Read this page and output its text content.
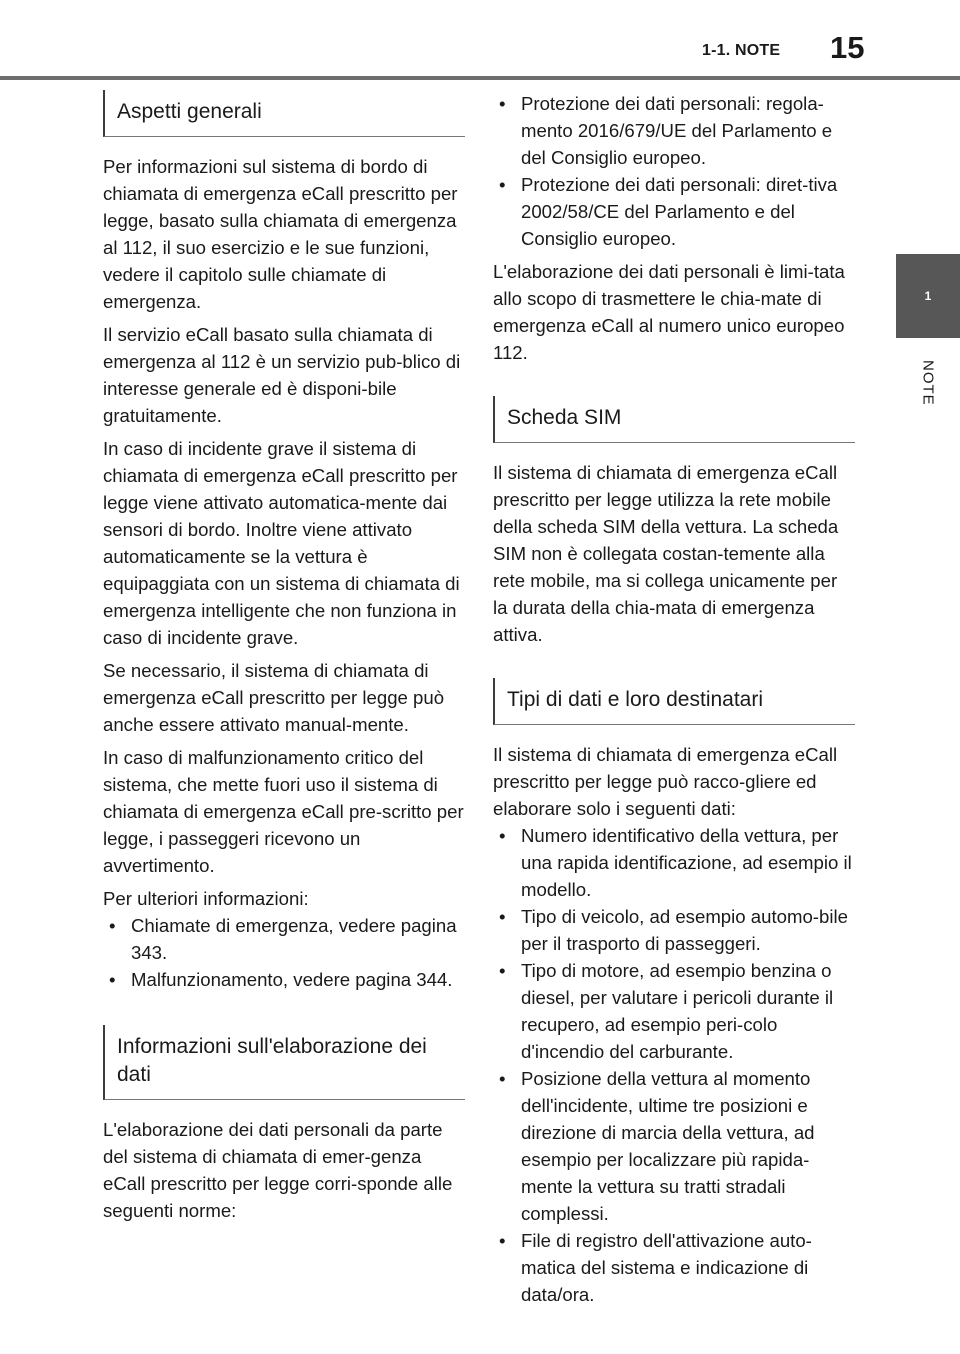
1-1. NOTE 15
1
NOTE
Aspetti generali

Per informazioni sul sistema di bordo di chiamata di emergenza eCall prescritto per legge, basato sulla chiamata di emergenza al 112, il suo esercizio e le sue funzioni, vedere il capitolo sulle chiamate di emergenza.

Il servizio eCall basato sulla chiamata di emergenza al 112 è un servizio pub-blico di interesse generale ed è disponi-bile gratuitamente.

In caso di incidente grave il sistema di chiamata di emergenza eCall prescritto per legge viene attivato automatica-mente dai sensori di bordo. Inoltre viene attivato automaticamente se la vettura è equipaggiata con un sistema di chiamata di emergenza intelligente che non funziona in caso di incidente grave.

Se necessario, il sistema di chiamata di emergenza eCall prescritto per legge può anche essere attivato manual-mente.

In caso di malfunzionamento critico del sistema, che mette fuori uso il sistema di chiamata di emergenza eCall pre-scritto per legge, i passeggeri ricevono un avvertimento.

Per ulteriori informazioni:

• Chiamate di emergenza, vedere pagina 343.
• Malfunzionamento, vedere pagina 344.
Informazioni sull'elaborazione dei dati

L'elaborazione dei dati personali da parte del sistema di chiamata di emer-genza eCall prescritto per legge corri-sponde alle seguenti norme:

• Protezione dei dati personali: regola-mento 2016/679/UE del Parlamento e del Consiglio europeo.
• Protezione dei dati personali: diret-tiva 2002/58/CE del Parlamento e del Consiglio europeo.

L'elaborazione dei dati personali è limi-tata allo scopo di trasmettere le chia-mate di emergenza eCall al numero unico europeo 112.

Scheda SIM

Il sistema di chiamata di emergenza eCall prescritto per legge utilizza la rete mobile della scheda SIM della vettura. La scheda SIM non è collegata costan-temente alla rete mobile, ma si collega unicamente per la durata della chia-mata di emergenza attiva.

Tipi di dati e loro destinatari

Il sistema di chiamata di emergenza eCall prescritto per legge può racco-gliere ed elaborare solo i seguenti dati:

• Numero identificativo della vettura, per una rapida identificazione, ad esempio il modello.
• Tipo di veicolo, ad esempio automo-bile per il trasporto di passeggeri.
• Tipo di motore, ad esempio benzina o diesel, per valutare i pericoli durante il recupero, ad esempio peri-colo d'incendio del carburante.
• Posizione della vettura al momento dell'incidente, ultime tre posizioni e direzione di marcia della vettura, ad esempio per localizzare più rapida-mente la vettura su tratti stradali complessi.
• File di registro dell'attivazione auto-matica del sistema e indicazione di data/ora.
